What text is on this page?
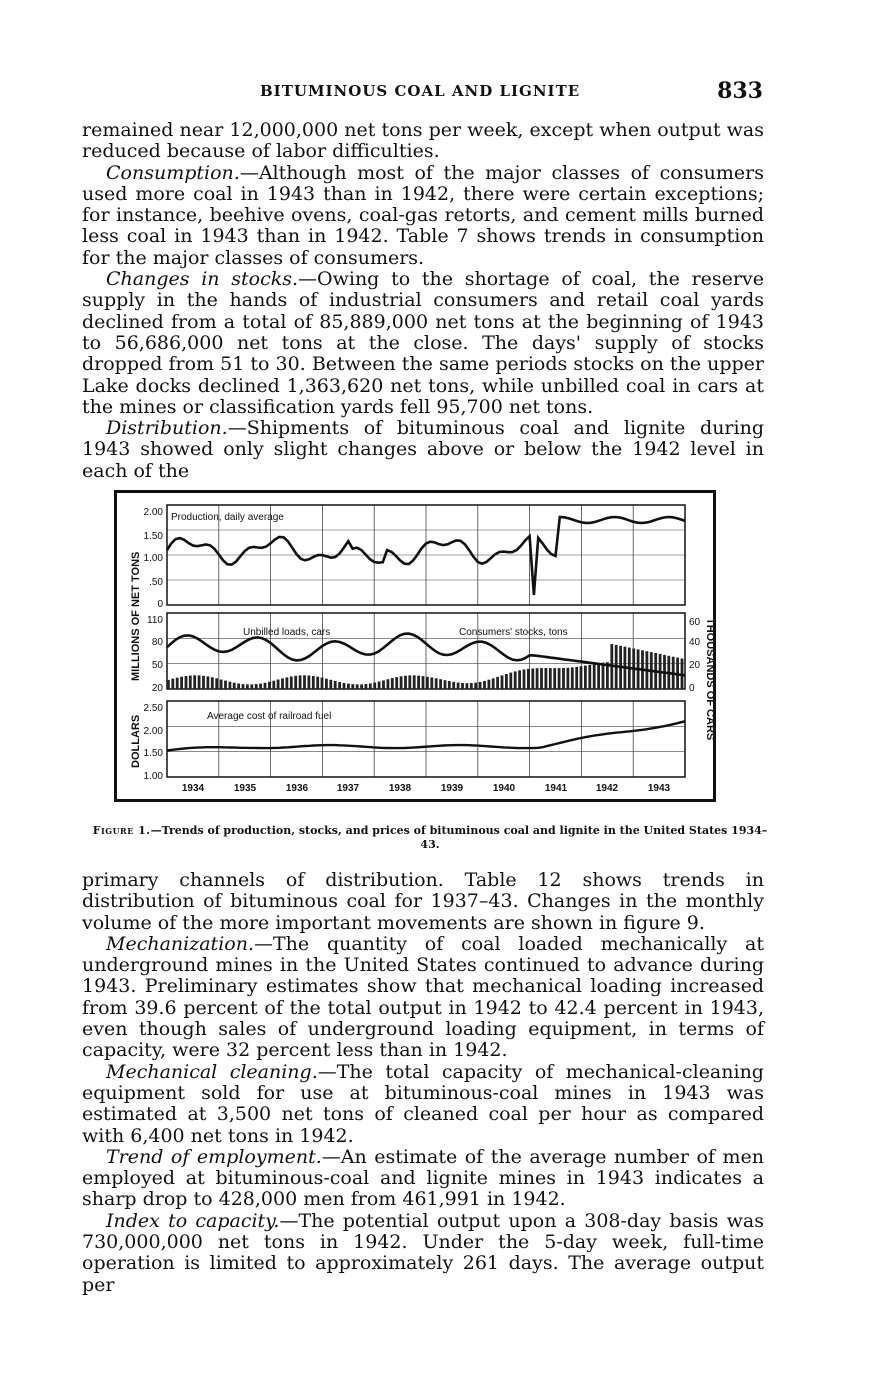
BITUMINOUS COAL AND LIGNITE	833

remained near 12,000,000 net tons per week, except when output was reduced because of labor difficulties.

Consumption.—Although most of the major classes of consumers used more coal in 1943 than in 1942, there were certain exceptions; for instance, beehive ovens, coal-gas retorts, and cement mills burned less coal in 1943 than in 1942. Table 7 shows trends in consumption for the major classes of consumers.

Changes in stocks.—Owing to the shortage of coal, the reserve supply in the hands of industrial consumers and retail coal yards declined from a total of 85,889,000 net tons at the beginning of 1943 to 56,686,000 net tons at the close. The days' supply of stocks dropped from 51 to 30. Between the same periods stocks on the upper Lake docks declined 1,363,620 net tons, while unbilled coal in cars at the mines or classification yards fell 95,700 net tons.

Distribution.—Shipments of bituminous coal and lignite during 1943 showed only slight changes above or below the 1942 level in each of the

MILLIONS OF NET TONS
DOLLARS
THOUSANDS OF CARS
2.00
1.50
1.00
.50
0
110
80
50
20
2.50
2.00
1.50
1.00
60
40
20
0
Production, daily average
Unbilled loads, cars	Consumers' stocks, tons
Average cost of railroad fuel
1934	1935	1936	1937	1938	1939	1940	1941	1942	1943
Figure 1.—Trends of production, stocks, and prices of bituminous coal and lignite in the United States 1934–43.

primary channels of distribution. Table 12 shows trends in distribution of bituminous coal for 1937–43. Changes in the monthly volume of the more important movements are shown in figure 9.

Mechanization.—The quantity of coal loaded mechanically at underground mines in the United States continued to advance during 1943. Preliminary estimates show that mechanical loading increased from 39.6 percent of the total output in 1942 to 42.4 percent in 1943, even though sales of underground loading equipment, in terms of capacity, were 32 percent less than in 1942.

Mechanical cleaning.—The total capacity of mechanical-cleaning equipment sold for use at bituminous-coal mines in 1943 was estimated at 3,500 net tons of cleaned coal per hour as compared with 6,400 net tons in 1942.

Trend of employment.—An estimate of the average number of men employed at bituminous-coal and lignite mines in 1943 indicates a sharp drop to 428,000 men from 461,991 in 1942.

Index to capacity.—The potential output upon a 308-day basis was 730,000,000 net tons in 1942. Under the 5-day week, full-time operation is limited to approximately 261 days. The average output per
